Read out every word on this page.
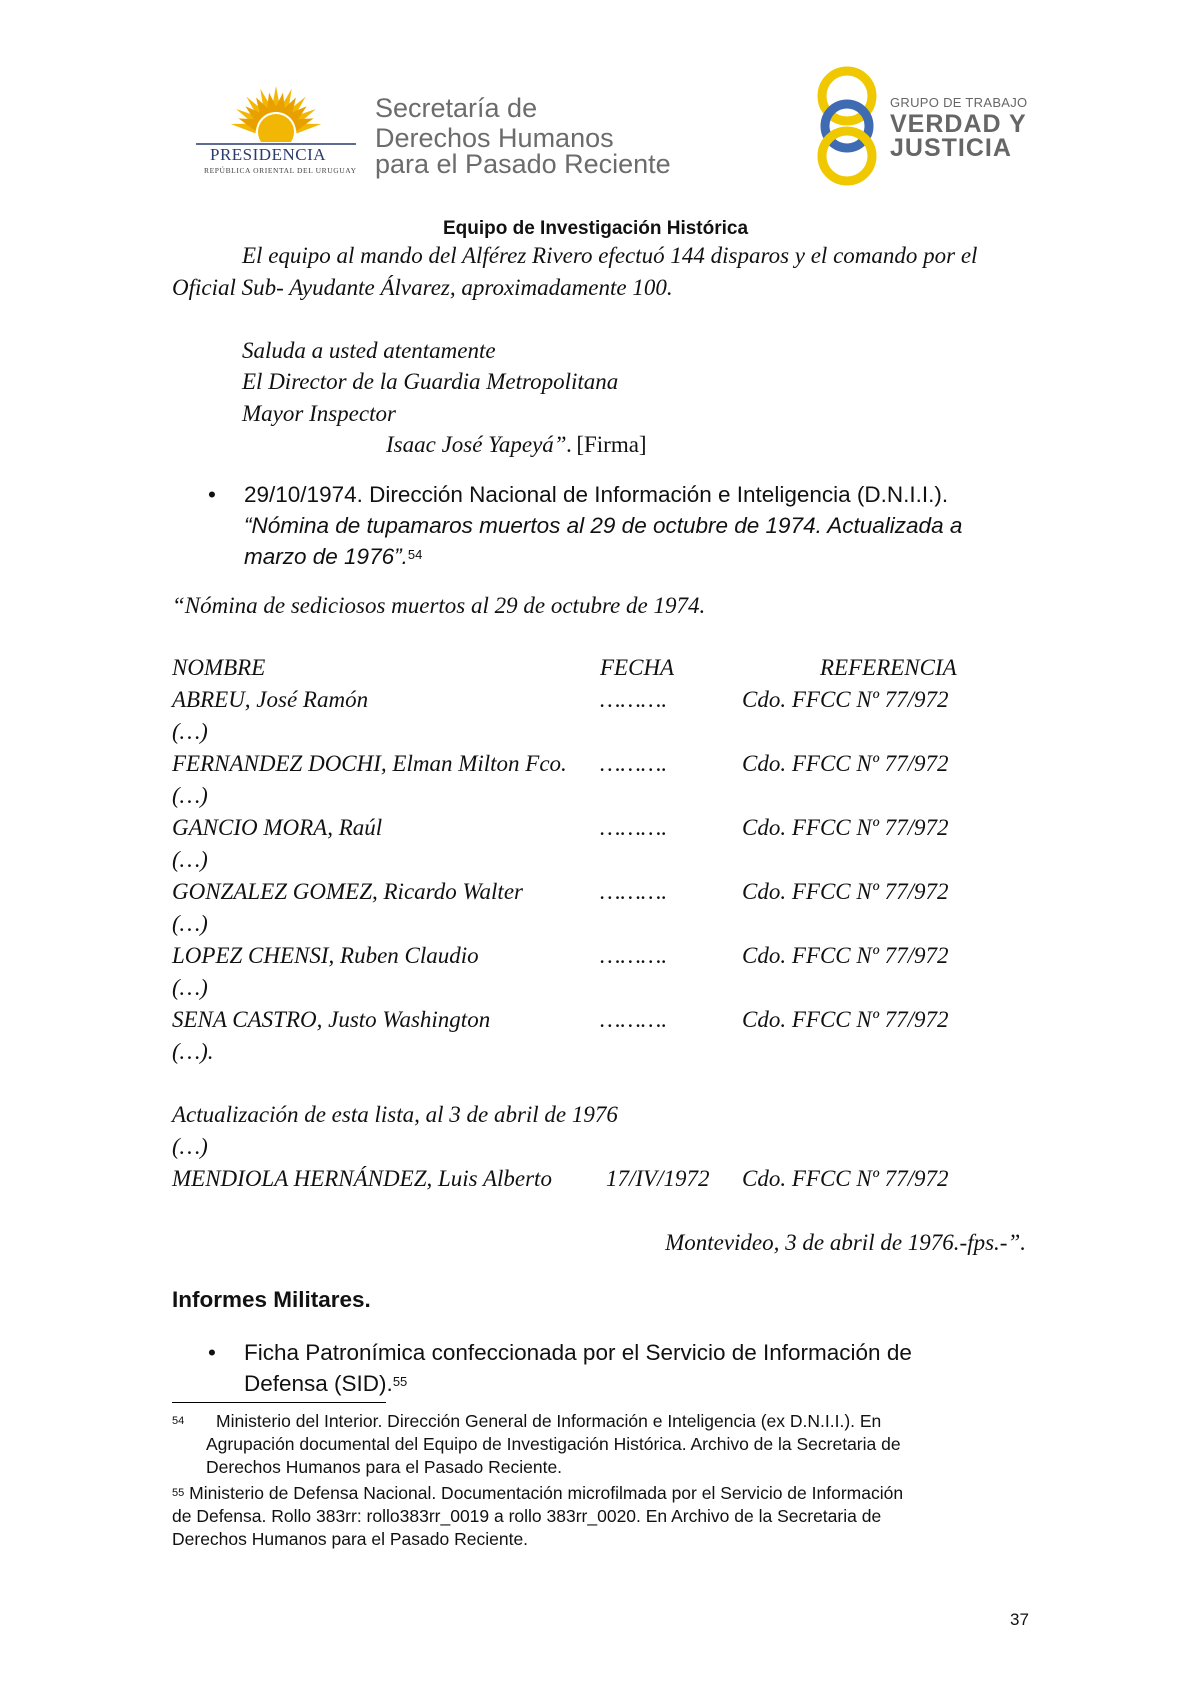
PRESIDENCIA
REPÚBLICA ORIENTAL DEL URUGUAY
Secretaría de
Derechos Humanos
para el Pasado Reciente
GRUPO DE TRABAJO
VERDAD Y
JUSTICIA
Equipo de Investigación Histórica
El equipo al mando del Alférez Rivero efectuó 144 disparos y el comando por el
Oficial Sub- Ayudante Álvarez, aproximadamente 100.
Saluda a usted atentamente
El Director de la Guardia Metropolitana
Mayor Inspector
Isaac José Yapeyá”. [Firma]
• 29/10/1974. Dirección Nacional de Información e Inteligencia (D.N.I.I.).
“Nómina de tupamaros muertos al 29 de octubre de 1974. Actualizada a
marzo de 1976”.$^{54}$
“Nómina de sediciosos muertos al 29 de octubre de 1974.
NOMBRE	FECHA	REFERENCIA
ABREU, José Ramón	……….	Cdo. FFCC Nº 77/972
(…)
FERNANDEZ DOCHI, Elman Milton Fco. ……….	Cdo. FFCC Nº 77/972
(…)
GANCIO MORA, Raúl	……….	Cdo. FFCC Nº 77/972
(…)
GONZALEZ GOMEZ, Ricardo Walter	……….	Cdo. FFCC Nº 77/972
(…)
LOPEZ CHENSI, Ruben Claudio	……….	Cdo. FFCC Nº 77/972
(…)
SENA CASTRO, Justo Washington	……….	Cdo. FFCC Nº 77/972
(…).
Actualización de esta lista, al 3 de abril de 1976
(…)
MENDIOLA HERNÁNDEZ, Luis Alberto 17/IV/1972 Cdo. FFCC Nº 77/972
Montevideo, 3 de abril de 1976.-fps.-”.
Informes Militares.
• Ficha Patronímica confeccionada por el Servicio de Información de
Defensa (SID).$^{55}$
54 Ministerio del Interior. Dirección General de Información e Inteligencia (ex D.N.I.I.). En
Agrupación documental del Equipo de Investigación Histórica. Archivo de la Secretaria de
Derechos Humanos para el Pasado Reciente.
$^{55}$ Ministerio de Defensa Nacional. Documentación microfilmada por el Servicio de Información
de Defensa. Rollo 383rr: rollo383rr_0019 a rollo 383rr_0020. En Archivo de la Secretaria de
Derechos Humanos para el Pasado Reciente.
37
